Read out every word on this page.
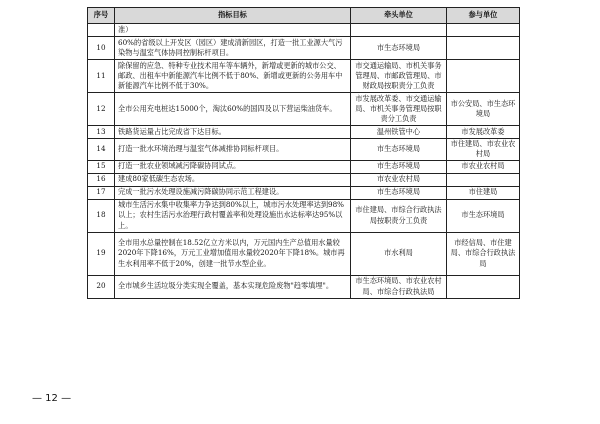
序号	指标目标	牵头单位	参与单位
	准）		
10	60%的省级以上开发区（园区）建成清新园区，打造一批工业源大气污染物与温室气体协同控制标杆项目。	市生态环境局	
11	除保留的应急、特种专业技术用车等车辆外，新增或更新的城市公交、邮政、出租车中新能源汽车比例不低于80%、新增或更新的公务用车中新能源汽车比例不低于30%。	市交通运输局、市机关事务管理局、市邮政管理局、市财政局按职责分工负责	
12	全市公用充电桩达15000个，淘汰60%的国四及以下营运柴油货车。	市发展改革委、市交通运输局、市机关事务管理局按职责分工负责	市公安局、市生态环境局
13	铁路货运量占比完成省下达目标。	温州铁管中心	市发展改革委
14	打造一批水环境治理与温室气体减排协同标杆项目。	市生态环境局	市住建局、市农业农村局
15	打造一批农业领域减污降碳协同试点。	市生态环境局	市农业农村局
16	建成80家低碳生态农场。	市农业农村局	
17	完成一批污水处理设施减污降碳协同示范工程建设。	市生态环境局	市住建局
18	城市生活污水集中收集率力争达到80%以上，城市污水处理率达到98%以上；农村生活污水治理行政村覆盖率和处理设施出水达标率达95%以上。	市住建局、市综合行政执法局按职责分工负责	市生态环境局
19	全市用水总量控制在18.52亿立方米以内，万元国内生产总值用水量较2020年下降16%，万元工业增加值用水量较2020年下降18%。城市再生水利用率不低于20%，创建一批节水型企业。	市水利局	市经信局、市住建局、市综合行政执法局
20	全市城乡生活垃圾分类实现全覆盖，基本实现危险废物"趋零填埋"。	市生态环境局、市农业农村局、市综合行政执法局	
— 12 —
